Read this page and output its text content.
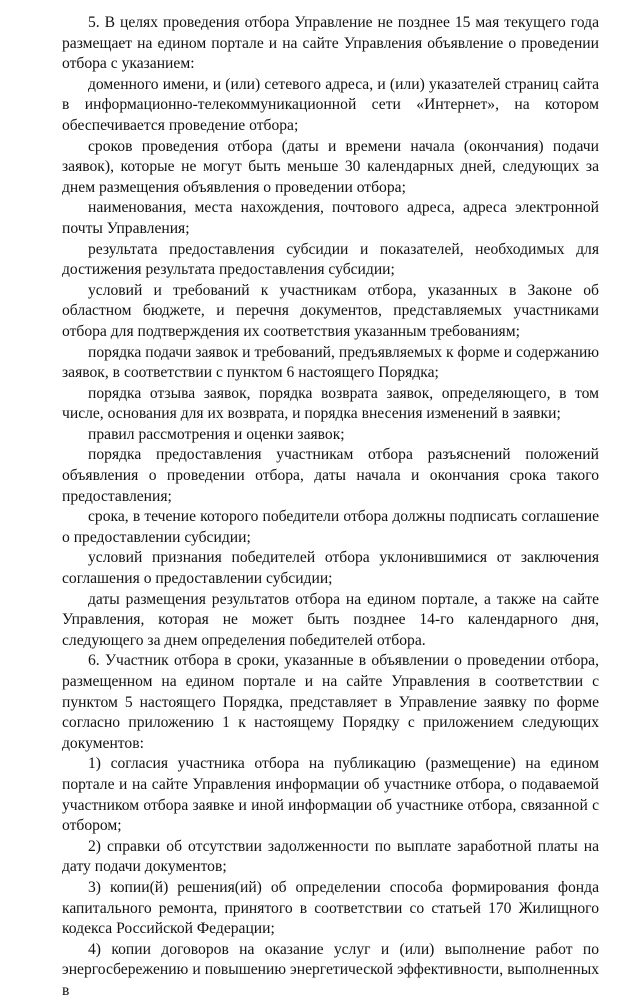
5. В целях проведения отбора Управление не позднее 15 мая текущего года размещает на едином портале и на сайте Управления объявление о проведении отбора с указанием:

доменного имени, и (или) сетевого адреса, и (или) указателей страниц сайта в информационно-телекоммуникационной сети «Интернет», на котором обеспечивается проведение отбора;

сроков проведения отбора (даты и времени начала (окончания) подачи заявок), которые не могут быть меньше 30 календарных дней, следующих за днем размещения объявления о проведении отбора;

наименования, места нахождения, почтового адреса, адреса электронной почты Управления;

результата предоставления субсидии и показателей, необходимых для достижения результата предоставления субсидии;

условий и требований к участникам отбора, указанных в Законе об областном бюджете, и перечня документов, представляемых участниками отбора для подтверждения их соответствия указанным требованиям;

порядка подачи заявок и требований, предъявляемых к форме и содержанию заявок, в соответствии с пунктом 6 настоящего Порядка;

порядка отзыва заявок, порядка возврата заявок, определяющего, в том числе, основания для их возврата, и порядка внесения изменений в заявки;

правил рассмотрения и оценки заявок;

порядка предоставления участникам отбора разъяснений положений объявления о проведении отбора, даты начала и окончания срока такого предоставления;

срока, в течение которого победители отбора должны подписать соглашение о предоставлении субсидии;

условий признания победителей отбора уклонившимися от заключения соглашения о предоставлении субсидии;

даты размещения результатов отбора на едином портале, а также на сайте Управления, которая не может быть позднее 14-го календарного дня, следующего за днем определения победителей отбора.

6. Участник отбора в сроки, указанные в объявлении о проведении отбора, размещенном на едином портале и на сайте Управления в соответствии с пунктом 5 настоящего Порядка, представляет в Управление заявку по форме согласно приложению 1 к настоящему Порядку с приложением следующих документов:

1) согласия участника отбора на публикацию (размещение) на едином портале и на сайте Управления информации об участнике отбора, о подаваемой участником отбора заявке и иной информации об участнике отбора, связанной с отбором;

2) справки об отсутствии задолженности по выплате заработной платы на дату подачи документов;

3) копии(й) решения(ий) об определении способа формирования фонда капитального ремонта, принятого в соответствии со статьей 170 Жилищного кодекса Российской Федерации;

4) копии договоров на оказание услуг и (или) выполнение работ по энергосбережению и повышению энергетической эффективности, выполненных в
